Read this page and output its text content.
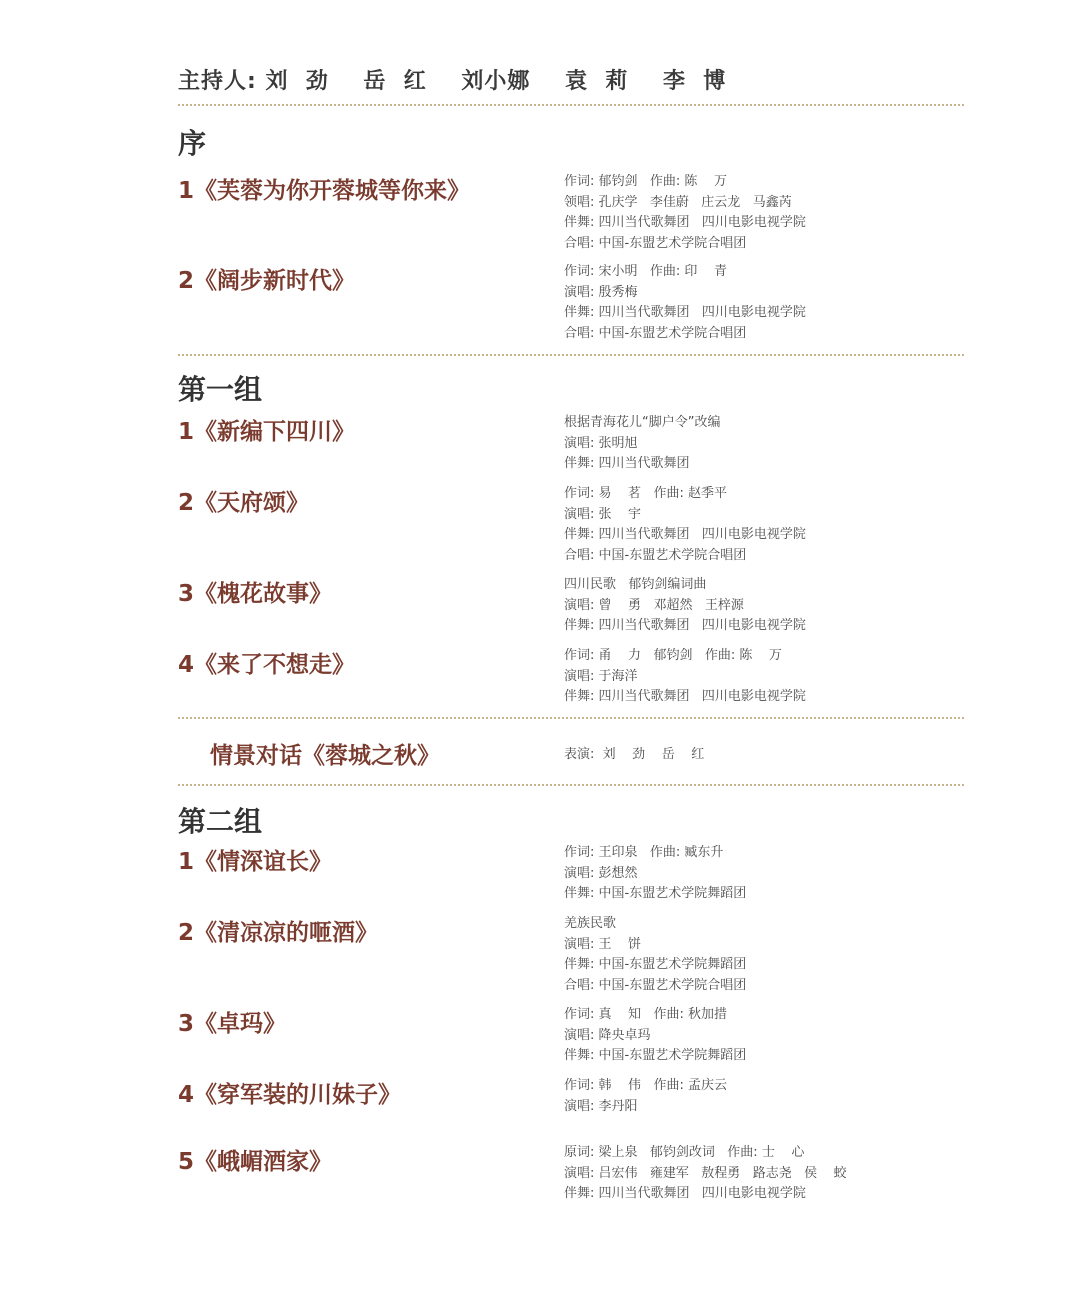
主持人: 刘  劲    岳  红    刘小娜    袁  莉    李  博
序
1《芙蓉为你开蓉城等你来》	作词: 郁钧剑   作曲: 陈    万
领唱: 孔庆学   李佳蔚   庄云龙   马鑫芮
伴舞: 四川当代歌舞团   四川电影电视学院
合唱: 中国-东盟艺术学院合唱团
2《阔步新时代》	作词: 宋小明   作曲: 印    青
演唱: 殷秀梅
伴舞: 四川当代歌舞团   四川电影电视学院
合唱: 中国-东盟艺术学院合唱团
第一组
1《新编下四川》	根据青海花儿“脚户令”改编
演唱: 张明旭
伴舞: 四川当代歌舞团
2《天府颂》	作词: 易    茗   作曲: 赵季平
演唱: 张    宇
伴舞: 四川当代歌舞团   四川电影电视学院
合唱: 中国-东盟艺术学院合唱团
3《槐花故事》	四川民歌   郁钧剑编词曲
演唱: 曾    勇   邓超然   王梓源
伴舞: 四川当代歌舞团   四川电影电视学院
4《来了不想走》	作词: 甬    力   郁钧剑   作曲: 陈    万
演唱: 于海洋
伴舞: 四川当代歌舞团   四川电影电视学院
情景对话《蓉城之秋》	表演:  刘    劲    岳    红
第二组
1《情深谊长》	作词: 王印泉   作曲: 臧东升
演唱: 彭想然
伴舞: 中国-东盟艺术学院舞蹈团
2《清凉凉的咂酒》	羌族民歌
演唱: 王    饼
伴舞: 中国-东盟艺术学院舞蹈团
合唱: 中国-东盟艺术学院合唱团
3《卓玛》	作词: 真    知   作曲: 秋加措
演唱: 降央卓玛
伴舞: 中国-东盟艺术学院舞蹈团
4《穿军装的川妹子》	作词: 韩    伟   作曲: 孟庆云
演唱: 李丹阳
5《峨嵋酒家》	原词: 梁上泉   郁钧剑改词   作曲: 士    心
演唱: 吕宏伟   雍建军   敖程勇   路志尧   侯    蛟
伴舞: 四川当代歌舞团   四川电影电视学院
